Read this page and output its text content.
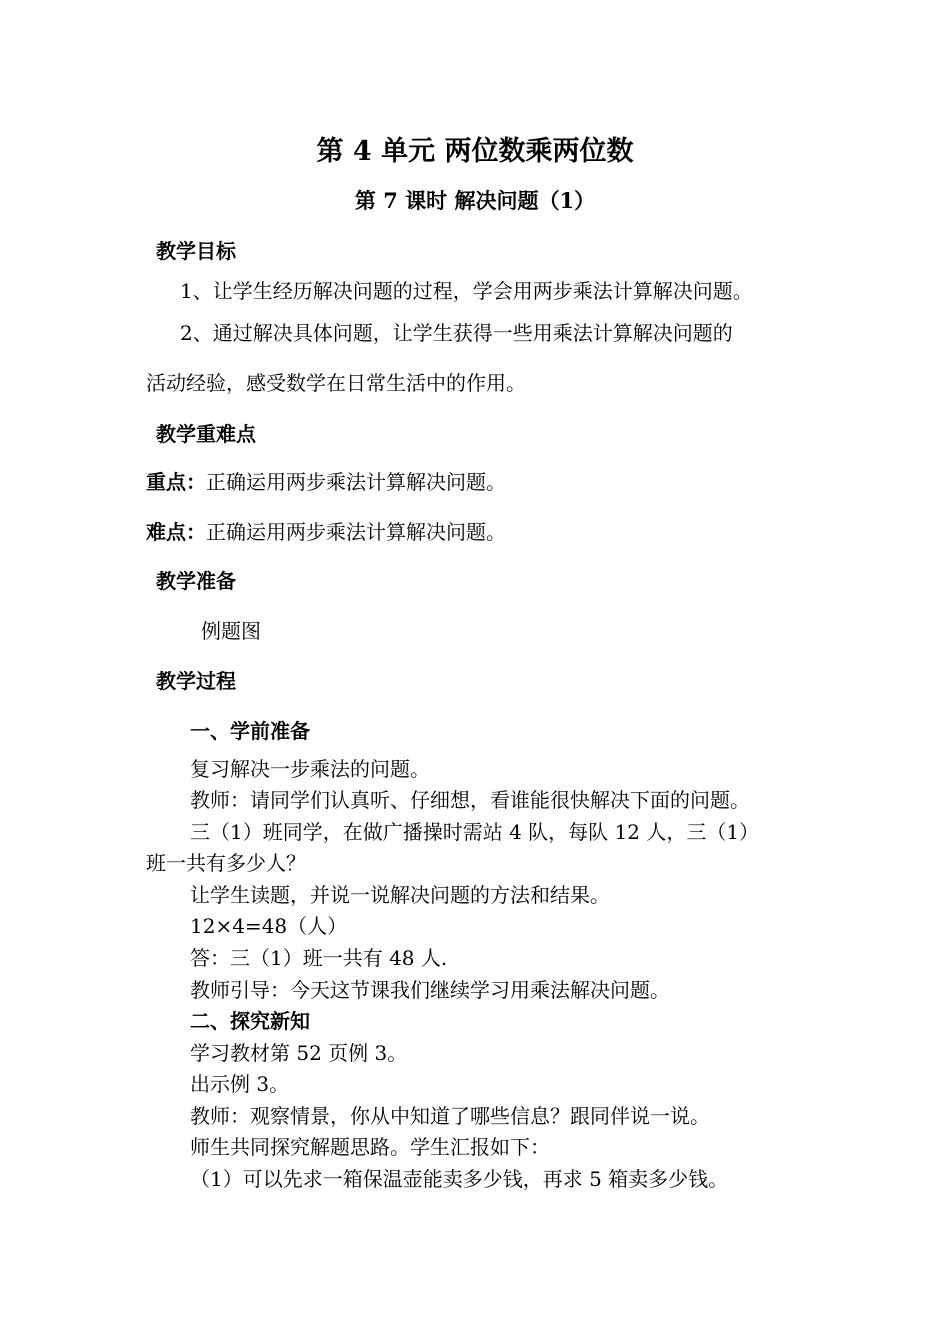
第 4 单元 两位数乘两位数
第 7 课时 解决问题（1）
教学目标
1、让学生经历解决问题的过程，学会用两步乘法计算解决问题。
2、通过解决具体问题，让学生获得一些用乘法计算解决问题的
活动经验，感受数学在日常生活中的作用。
教学重难点
重点：正确运用两步乘法计算解决问题。
难点：正确运用两步乘法计算解决问题。
教学准备
例题图
教学过程
一、学前准备
复习解决一步乘法的问题。
教师：请同学们认真听、仔细想，看谁能很快解决下面的问题。
三（1）班同学，在做广播操时需站 4 队，每队 12 人，三（1）
班一共有多少人？
让学生读题，并说一说解决问题的方法和结果。
12×4=48（人）
答：三（1）班一共有 48 人.
教师引导：今天这节课我们继续学习用乘法解决问题。
二、探究新知
学习教材第 52 页例 3。
出示例 3。
教师：观察情景，你从中知道了哪些信息？跟同伴说一说。
师生共同探究解题思路。学生汇报如下：
（1）可以先求一箱保温壶能卖多少钱，再求 5 箱卖多少钱。
